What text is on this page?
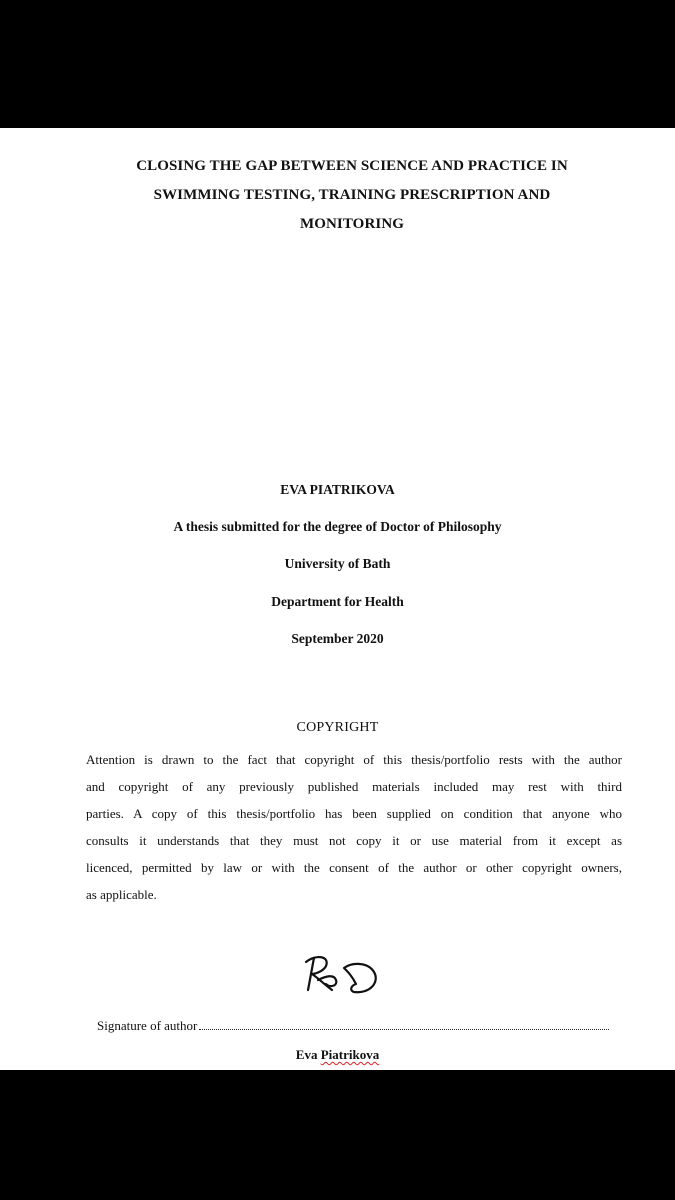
CLOSING THE GAP BETWEEN SCIENCE AND PRACTICE IN
SWIMMING TESTING, TRAINING PRESCRIPTION AND
MONITORING
EVA PIATRIKOVA
A thesis submitted for the degree of Doctor of Philosophy
University of Bath
Department for Health
September 2020
COPYRIGHT
Attention is drawn to the fact that copyright of this thesis/portfolio rests with the author
and copyright of any previously published materials included may rest with third
parties. A copy of this thesis/portfolio has been supplied on condition that anyone who
consults it understands that they must not copy it or use material from it except as
licenced, permitted by law or with the consent of the author or other copyright owners,
as applicable.
Signature of author
Eva Piatrikova
